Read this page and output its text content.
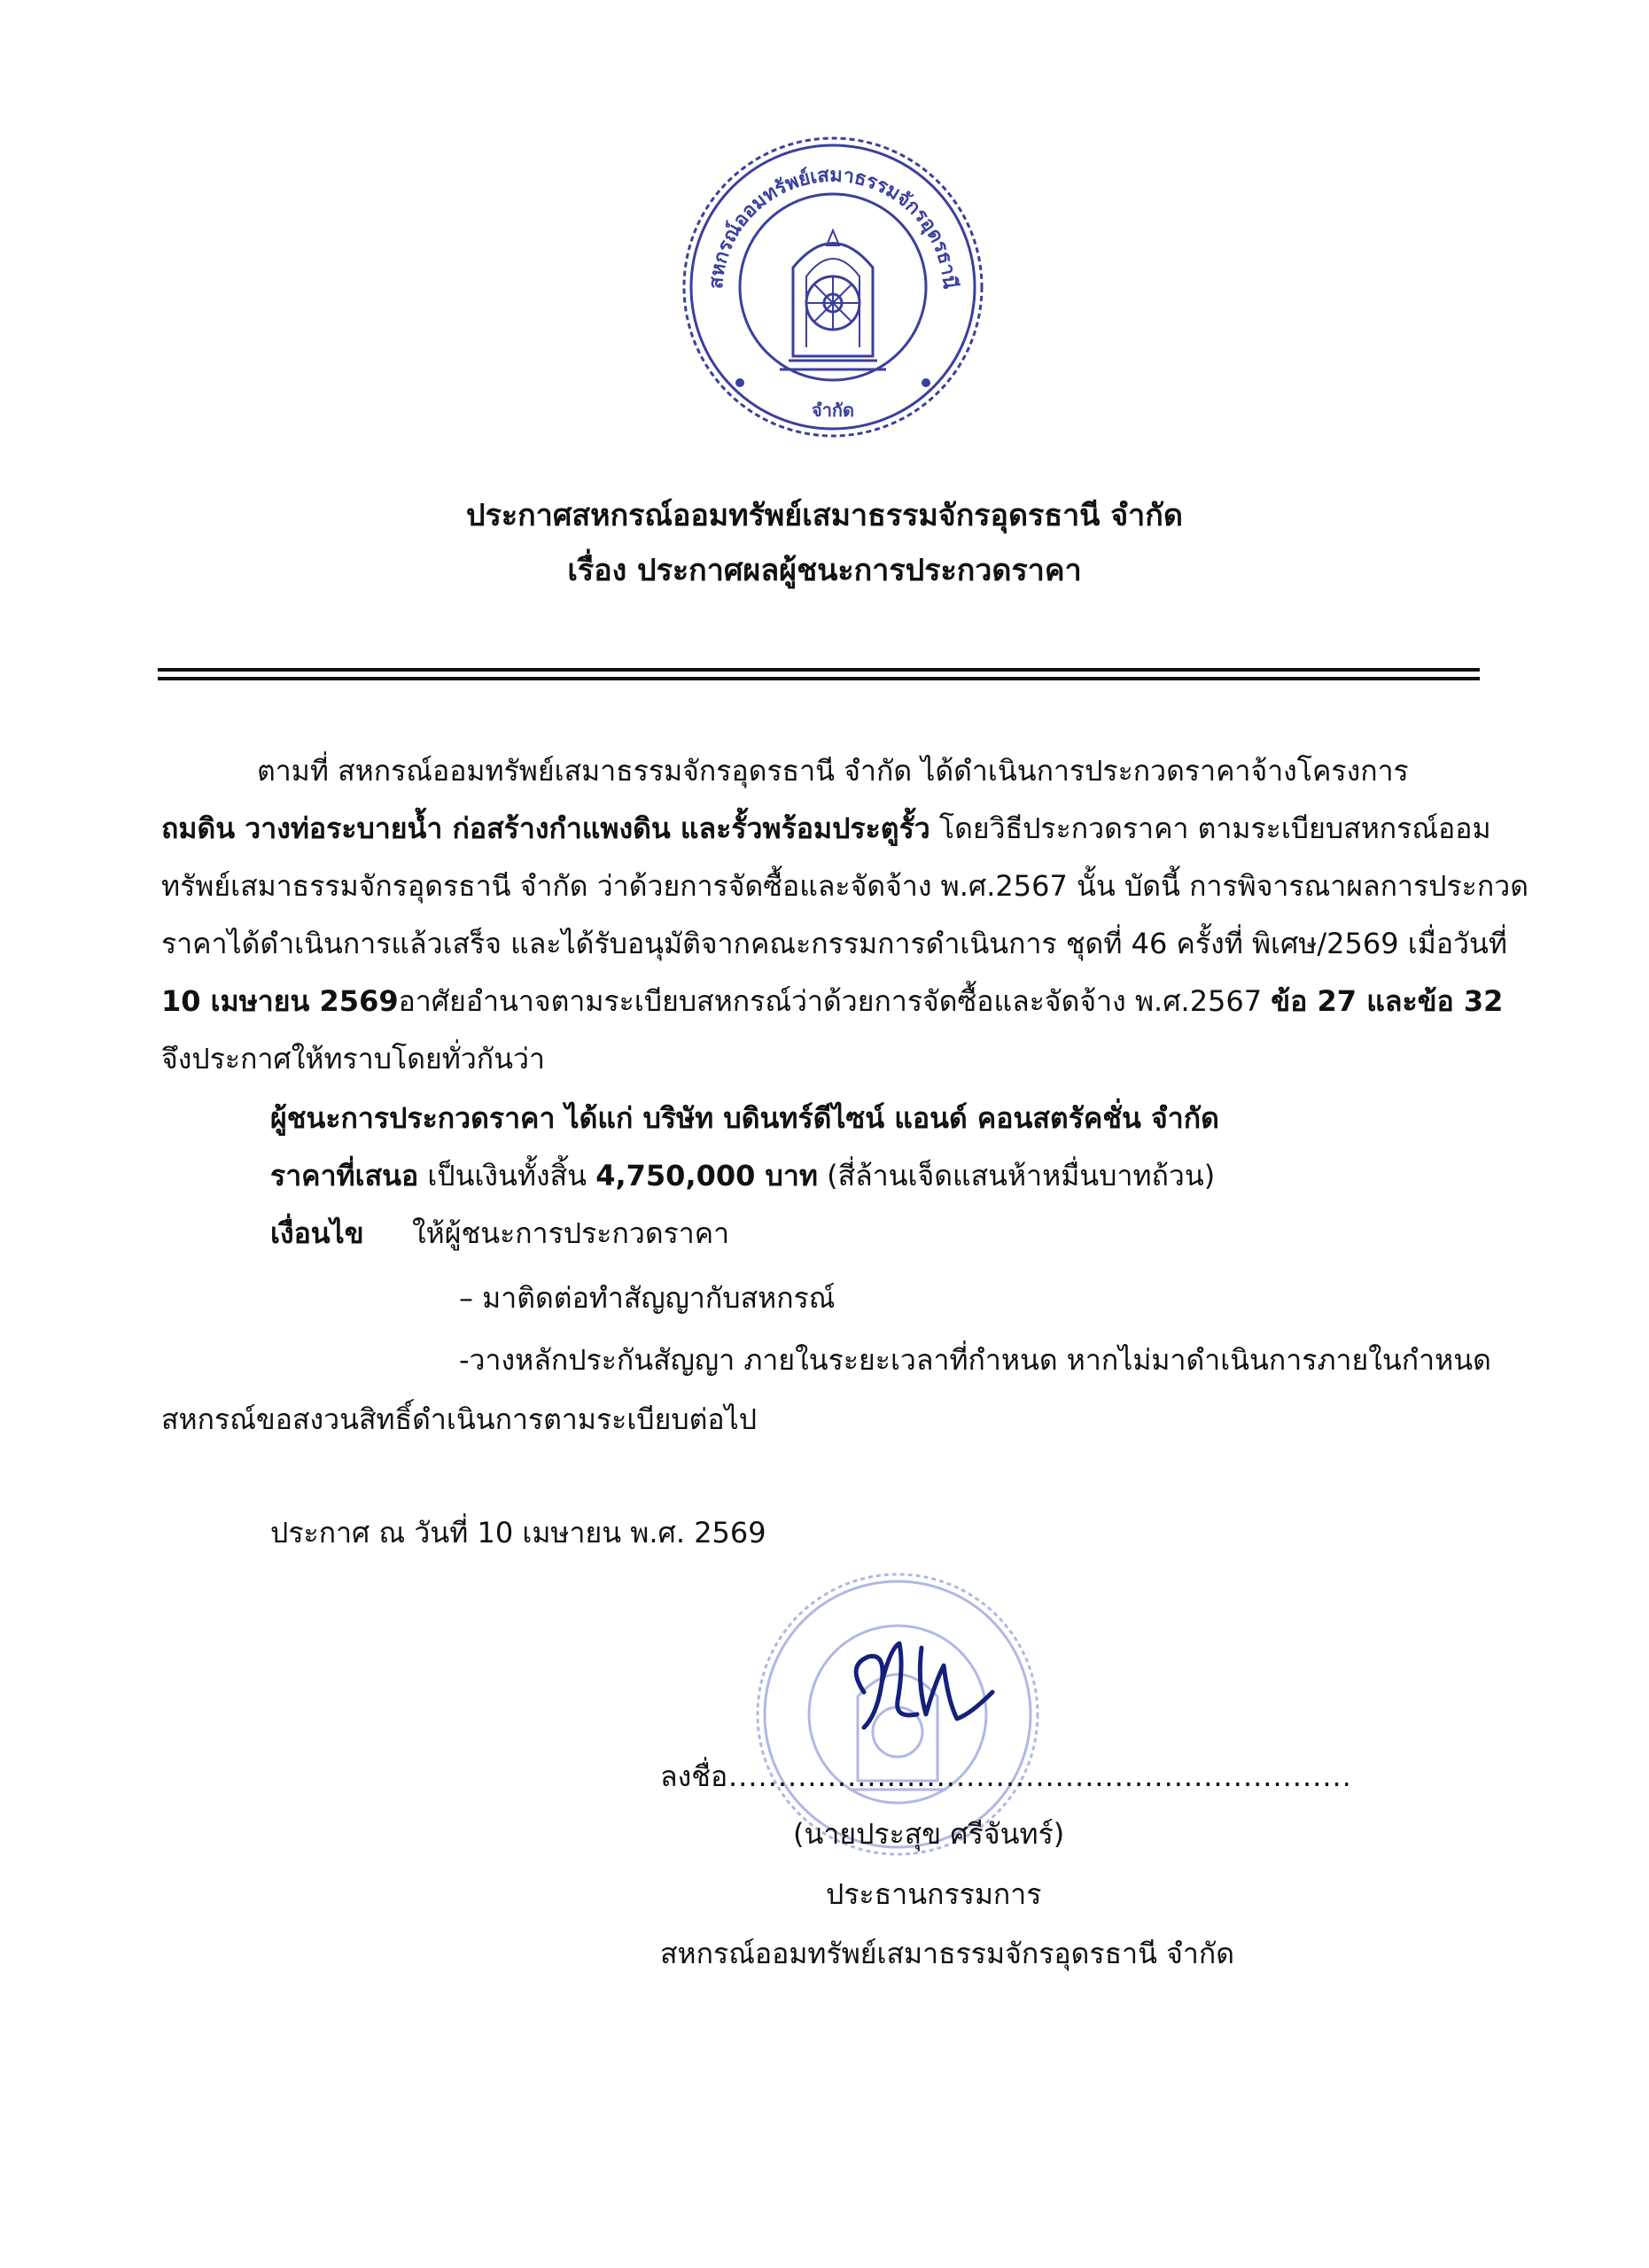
สหกรณ์ออมทรัพย์เสมาธรรมจักรอุดรธานี
จำกัด
ประกาศสหกรณ์ออมทรัพย์เสมาธรรมจักรอุดรธานี จำกัด
เรื่อง ประกาศผลผู้ชนะการประกวดราคา
ตามที่ สหกรณ์ออมทรัพย์เสมาธรรมจักรอุดรธานี จำกัด ได้ดำเนินการประกวดราคาจ้างโครงการ
ถมดิน วางท่อระบายน้ำ ก่อสร้างกำแพงดิน และรั้วพร้อมประตูรั้ว โดยวิธีประกวดราคา ตามระเบียบสหกรณ์ออม
ทรัพย์เสมาธรรมจักรอุดรธานี จำกัด ว่าด้วยการจัดซื้อและจัดจ้าง พ.ศ.2567 นั้น บัดนี้ การพิจารณาผลการประกวด
ราคาได้ดำเนินการแล้วเสร็จ และได้รับอนุมัติจากคณะกรรมการดำเนินการ ชุดที่ 46 ครั้งที่ พิเศษ/2569 เมื่อวันที่
10 เมษายน 2569อาศัยอำนาจตามระเบียบสหกรณ์ว่าด้วยการจัดซื้อและจัดจ้าง พ.ศ.2567 ข้อ 27 และข้อ 32
จึงประกาศให้ทราบโดยทั่วกันว่า
ผู้ชนะการประกวดราคา ได้แก่ บริษัท บดินทร์ดีไซน์ แอนด์ คอนสตรัคชั่น จำกัด
ราคาที่เสนอ เป็นเงินทั้งสิ้น 4,750,000 บาท (สี่ล้านเจ็ดแสนห้าหมื่นบาทถ้วน)
เงื่อนไข ให้ผู้ชนะการประกวดราคา
– มาติดต่อทำสัญญากับสหกรณ์
-วางหลักประกันสัญญา ภายในระยะเวลาที่กำหนด หากไม่มาดำเนินการภายในกำหนด
สหกรณ์ขอสงวนสิทธิ์ดำเนินการตามระเบียบต่อไป
ประกาศ ณ วันที่ 10 เมษายน พ.ศ. 2569
ลงชื่อ ...............................................................
(นายประสุข ศรีจันทร์)
ประธานกรรมการ
สหกรณ์ออมทรัพย์เสมาธรรมจักรอุดรธานี จำกัด
